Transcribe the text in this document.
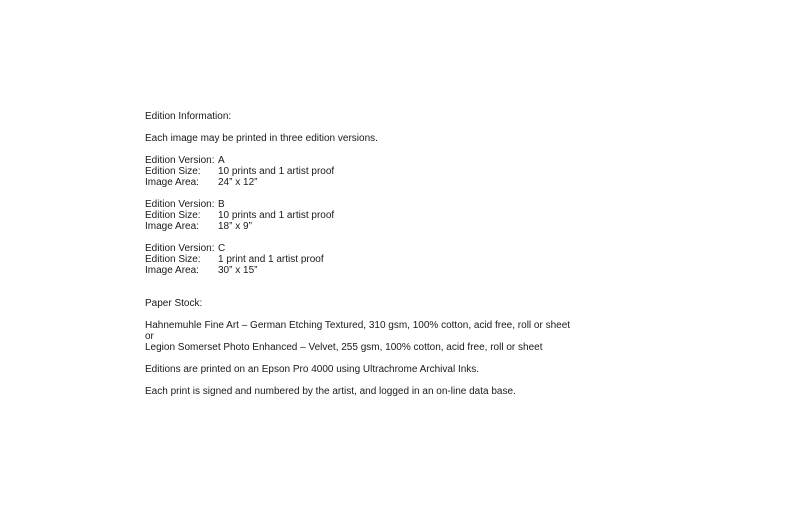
Edition Information:
Each image may be printed in three edition versions.
Edition Version: A
Edition Size:	10 prints and 1 artist proof
Image Area:	24” x 12”
Edition Version: B
Edition Size:	10 prints and 1 artist proof
Image Area:	18” x 9”
Edition Version: C
Edition Size:	1 print and 1 artist proof
Image Area:	30” x 15”
Paper Stock:
Hahnemuhle Fine Art – German Etching Textured, 310 gsm, 100% cotton, acid free, roll or sheet
or
Legion Somerset Photo Enhanced – Velvet, 255 gsm, 100% cotton, acid free, roll or sheet
Editions are printed on an Epson Pro 4000 using Ultrachrome Archival Inks.
Each print is signed and numbered by the artist, and logged in an on-line data base.
